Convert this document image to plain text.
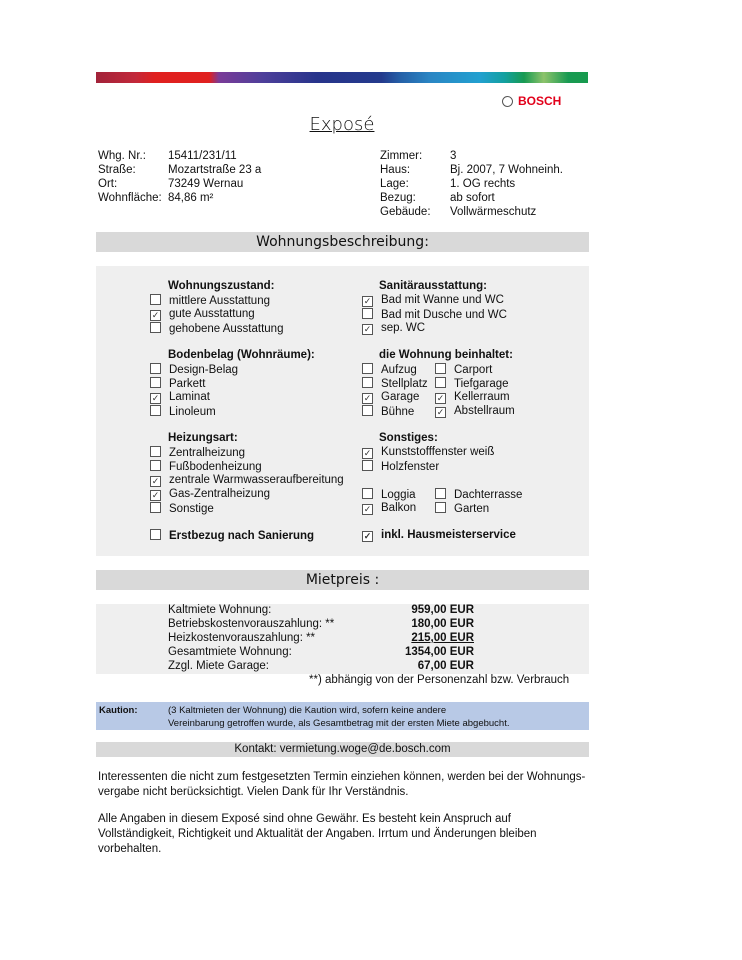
BOSCH
Exposé
Wohnungsbeschreibung:
Mietpreis :
**) abhängig von der Personenzahl bzw. Verbrauch
Kaution:	(3 Kaltmieten der Wohnung) die Kaution wird, sofern keine andere
Vereinbarung getroffen wurde, als Gesamtbetrag mit der ersten Miete abgebucht.
Kontakt: vermietung.woge@de.bosch.com
Interessenten die nicht zum festgesetzten Termin einziehen können, werden bei der Wohnungs-vergabe nicht berücksichtigt. Vielen Dank für Ihr Verständnis.
Alle Angaben in diesem Exposé sind ohne Gewähr. Es besteht kein Anspruch auf Vollständigkeit, Richtigkeit und Aktualität der Angaben. Irrtum und Änderungen bleiben vorbehalten.
Whg. Nr.: 15411/231/11
Straße:	Mozartstraße 23 a
Ort:	73249 Wernau
Wohnfläche: 84,86 m²
Zimmer: 3
Haus:	Bj. 2007, 7 Wohneinh.
Lage:	1. OG rechts
Bezug:	ab sofort
Gebäude: Vollwärmeschutz
Wohnungszustand:
mittlere Ausstattung
✓ gute Ausstattung
gehobene Ausstattung
Bodenbelag (Wohnräume):
Design-Belag
Parkett
✓ Laminat
Linoleum
Heizungsart:
Zentralheizung
Fußbodenheizung
✓ zentrale Warmwasseraufbereitung
✓ Gas-Zentralheizung
Sonstige
Erstbezug nach Sanierung
Sanitärausstattung:
✓ Bad mit Wanne und WC
Bad mit Dusche und WC
✓ sep. WC
die Wohnung beinhaltet:
Aufzug	Carport
Stellplatz	Tiefgarage
✓ Garage ✓ Kellerraum
Bühne ✓ Abstellraum
Sonstiges:
✓ Kunststofffenster weiß
Holzfenster
Loggia	Dachterrasse
✓ Balkon	Garten
✓ inkl. Hausmeisterservice
Kaltmiete Wohnung:	959,00 EUR
Betriebskostenvorauszahlung: **	180,00 EUR
Heizkostenvorauszahlung: **	215,00 EUR
Gesamtmiete Wohnung:	1354,00 EUR
Zzgl. Miete Garage:	67,00 EUR
